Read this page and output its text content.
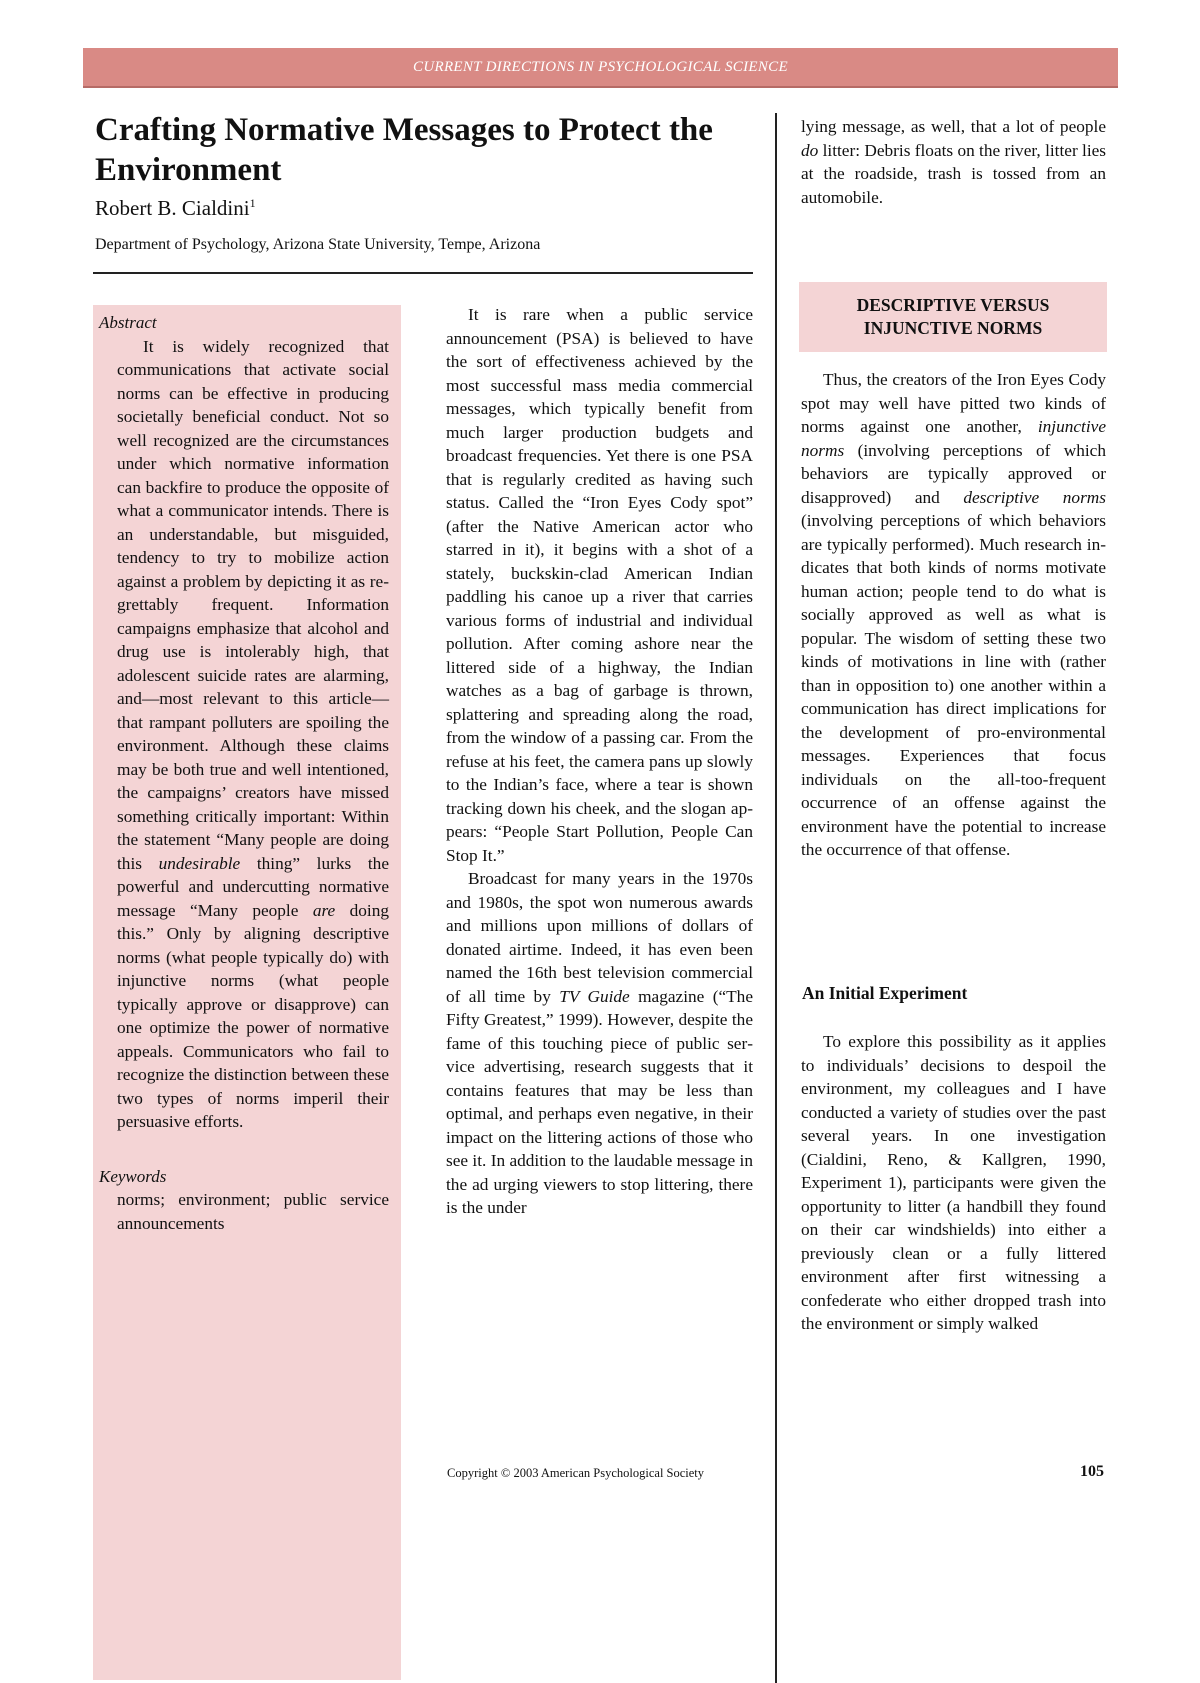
CURRENT DIRECTIONS IN PSYCHOLOGICAL SCIENCE
Crafting Normative Messages to Protect the Environment
Robert B. Cialdini$^1$
Department of Psychology, Arizona State University, Tempe, Arizona
Abstract

It is widely recognized that communications that activate social norms can be effective in producing societally beneficial conduct. Not so well recognized are the circumstances under which normative information can backfire to produce the opposite of what a communicator intends. There is an understandable, but misguided, tendency to try to mobilize action against a problem by depicting it as regrettably frequent. Information campaigns emphasize that alcohol and drug use is intolerably high, that adolescent suicide rates are alarming, and—most relevant to this article—that rampant polluters are spoiling the environment. Although these claims may be both true and well intentioned, the campaigns’ creators have missed something critically important: Within the statement “Many people are doing this undesirable thing” lurks the powerful and undercutting normative message “Many people are doing this.” Only by aligning descriptive norms (what people typically do) with injunctive norms (what people typically approve or disapprove) can one optimize the power of normative appeals. Communicators who fail to recognize the distinction between these two types of norms imperil their persuasive efforts.

Keywords

norms; environment; public service announcements

It is rare when a public service announcement (PSA) is believed to have the sort of effectiveness achieved by the most successful mass media commercial messages, which typically benefit from much larger production budgets and broadcast frequencies. Yet there is one PSA that is regularly credited as having such status. Called the “Iron Eyes Cody spot” (after the Native American actor who starred in it), it begins with a shot of a stately, buckskin-clad American Indian paddling his canoe up a river that carries various forms of industrial and individual pollution. After coming ashore near the littered side of a highway, the Indian watches as a bag of garbage is thrown, splattering and spreading along the road, from the window of a passing car. From the refuse at his feet, the camera pans up slowly to the Indian’s face, where a tear is shown tracking down his cheek, and the slogan appears: “People Start Pollution, People Can Stop It.”

Broadcast for many years in the 1970s and 1980s, the spot won numerous awards and millions upon millions of dollars of donated airtime. Indeed, it has even been named the 16th best television commercial of all time by TV Guide magazine (“The Fifty Greatest,” 1999). However, despite the fame of this touching piece of public service advertising, research suggests that it contains features that may be less than optimal, and perhaps even negative, in their impact on the littering actions of those who see it. In addition to the laudable message in the ad urging viewers to stop littering, there is the under

lying message, as well, that a lot of people do litter: Debris floats on the river, litter lies at the roadside, trash is tossed from an automobile.

DESCRIPTIVE VERSUS
INJUNCTIVE NORMS

Thus, the creators of the Iron Eyes Cody spot may well have pitted two kinds of norms against one another, injunctive norms (involving perceptions of which behaviors are typically approved or disapproved) and descriptive norms (involving perceptions of which behaviors are typically performed). Much research indicates that both kinds of norms motivate human action; people tend to do what is socially approved as well as what is popular. The wisdom of setting these two kinds of motivations in line with (rather than in opposition to) one another within a communication has direct implications for the development of pro-environmental messages. Experiences that focus individuals on the all-too-frequent occurrence of an offense against the environment have the potential to increase the occurrence of that offense.

An Initial Experiment

To explore this possibility as it applies to individuals’ decisions to despoil the environment, my colleagues and I have conducted a variety of studies over the past several years. In one investigation (Cialdini, Reno, & Kallgren, 1990, Experiment 1), participants were given the opportunity to litter (a handbill they found on their car windshields) into either a previously clean or a fully littered environment after first witnessing a confederate who either dropped trash into the environment or simply walked

Copyright © 2003 American Psychological Society	105
